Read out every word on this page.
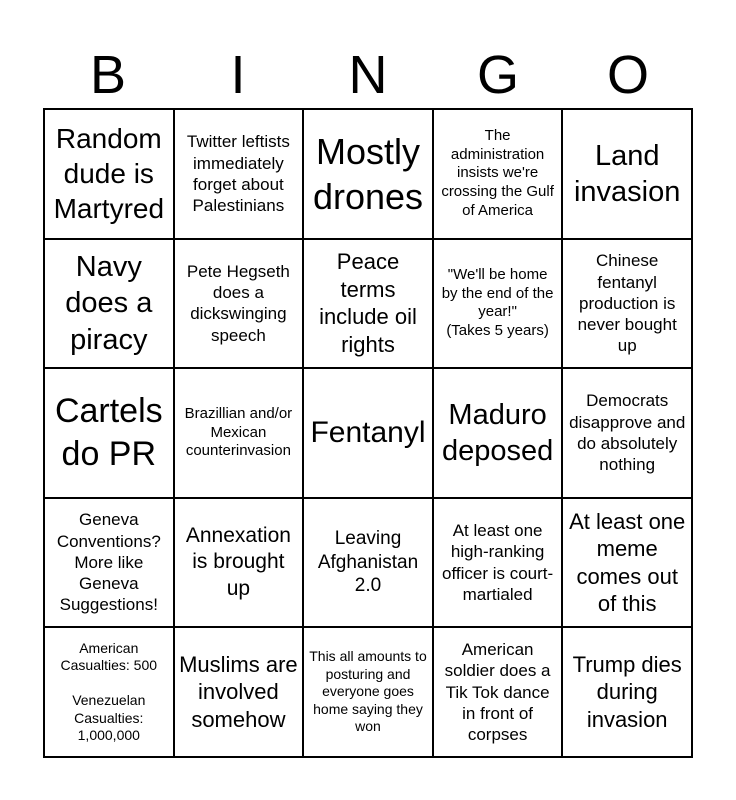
B	I	N	G	O
Random dude is Martyred
Twitter leftists immediately forget about Palestinians
Mostly drones
The administration insists we're crossing the Gulf of America
Land invasion
Navy does a piracy
Pete Hegseth does a dickswinging speech
Peace terms include oil rights
"We'll be home by the end of the year!"
(Takes 5 years)
Chinese fentanyl production is never bought up
Cartels do PR
Brazillian and/or Mexican counterinvasion
Fentanyl
Maduro deposed
Democrats disapprove and do absolutely nothing
Geneva Conventions? More like Geneva Suggestions!
Annexation is brought up
Leaving Afghanistan 2.0
At least one high-ranking officer is court-martialed
At least one meme comes out of this
American Casualties: 500

Venezuelan Casualties: 1,000,000
Muslims are involved somehow
This all amounts to posturing and everyone goes home saying they won
American soldier does a Tik Tok dance in front of corpses
Trump dies during invasion
